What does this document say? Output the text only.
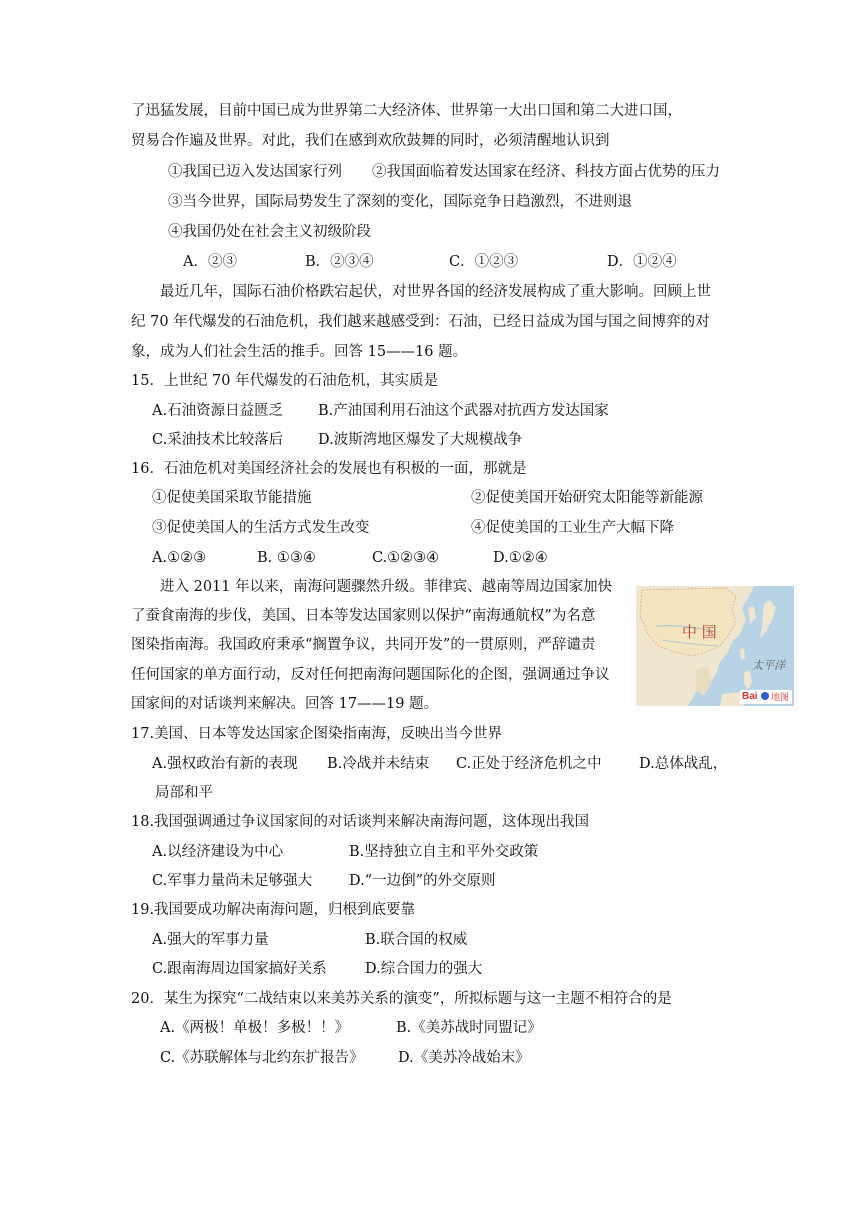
了迅猛发展，目前中国已成为世界第二大经济体、世界第一大出口国和第二大进口国，
贸易合作遍及世界。对此，我们在感到欢欣鼓舞的同时，必须清醒地认识到
①我国已迈入发达国家行列 ②我国面临着发达国家在经济、科技方面占优势的压力
③当今世界，国际局势发生了深刻的变化，国际竞争日趋激烈，不进则退
④我国仍处在社会主义初级阶段
A．②③	B．②③④	C．①②③	D．①②④
最近几年，国际石油价格跌宕起伏，对世界各国的经济发展构成了重大影响。回顾上世
纪 70 年代爆发的石油危机，我们越来越感受到：石油，已经日益成为国与国之间博弈的对
象，成为人们社会生活的推手。回答 15——16 题。
15．上世纪 70 年代爆发的石油危机，其实质是
A.石油资源日益匮乏 B.产油国利用石油这个武器对抗西方发达国家
C.采油技术比较落后 D.波斯湾地区爆发了大规模战争
16．石油危机对美国经济社会的发展也有积极的一面，那就是
①促使美国采取节能措施	②促使美国开始研究太阳能等新能源
③促使美国人的生活方式发生改变	④促使美国的工业生产大幅下降
A.①②③	B. ①③④	C.①②③④	D.①②④
进入 2011 年以来，南海问题骤然升级。菲律宾、越南等周边国家加快
了蚕食南海的步伐，美国、日本等发达国家则以保护“南海通航权”为名意
图染指南海。我国政府秉承“搁置争议，共同开发”的一贯原则，严辞谴责
任何国家的单方面行动，反对任何把南海问题国际化的企图，强调通过争议
国家间的对话谈判来解决。回答 17——19 题。
中 国
太平洋
Bai 地图
17.美国、日本等发达国家企图染指南海，反映出当今世界
A.强权政治有新的表现 B.冷战并未结束 C.正处于经济危机之中	D.总体战乱，
局部和平
18.我国强调通过争议国家间的对话谈判来解决南海问题，这体现出我国
A.以经济建设为中心	B.坚持独立自主和平外交政策
C.军事力量尚未足够强大	D.“一边倒”的外交原则
19.我国要成功解决南海问题，归根到底要靠
A.强大的军事力量	B.联合国的权威
C.跟南海周边国家搞好关系	D.综合国力的强大
20．某生为探究“二战结束以来美苏关系的演变”，所拟标题与这一主题不相符合的是
A.《两极！单极！多极！！》	B.《美苏战时同盟记》
C.《苏联解体与北约东扩报告》 D.《美苏冷战始末》
